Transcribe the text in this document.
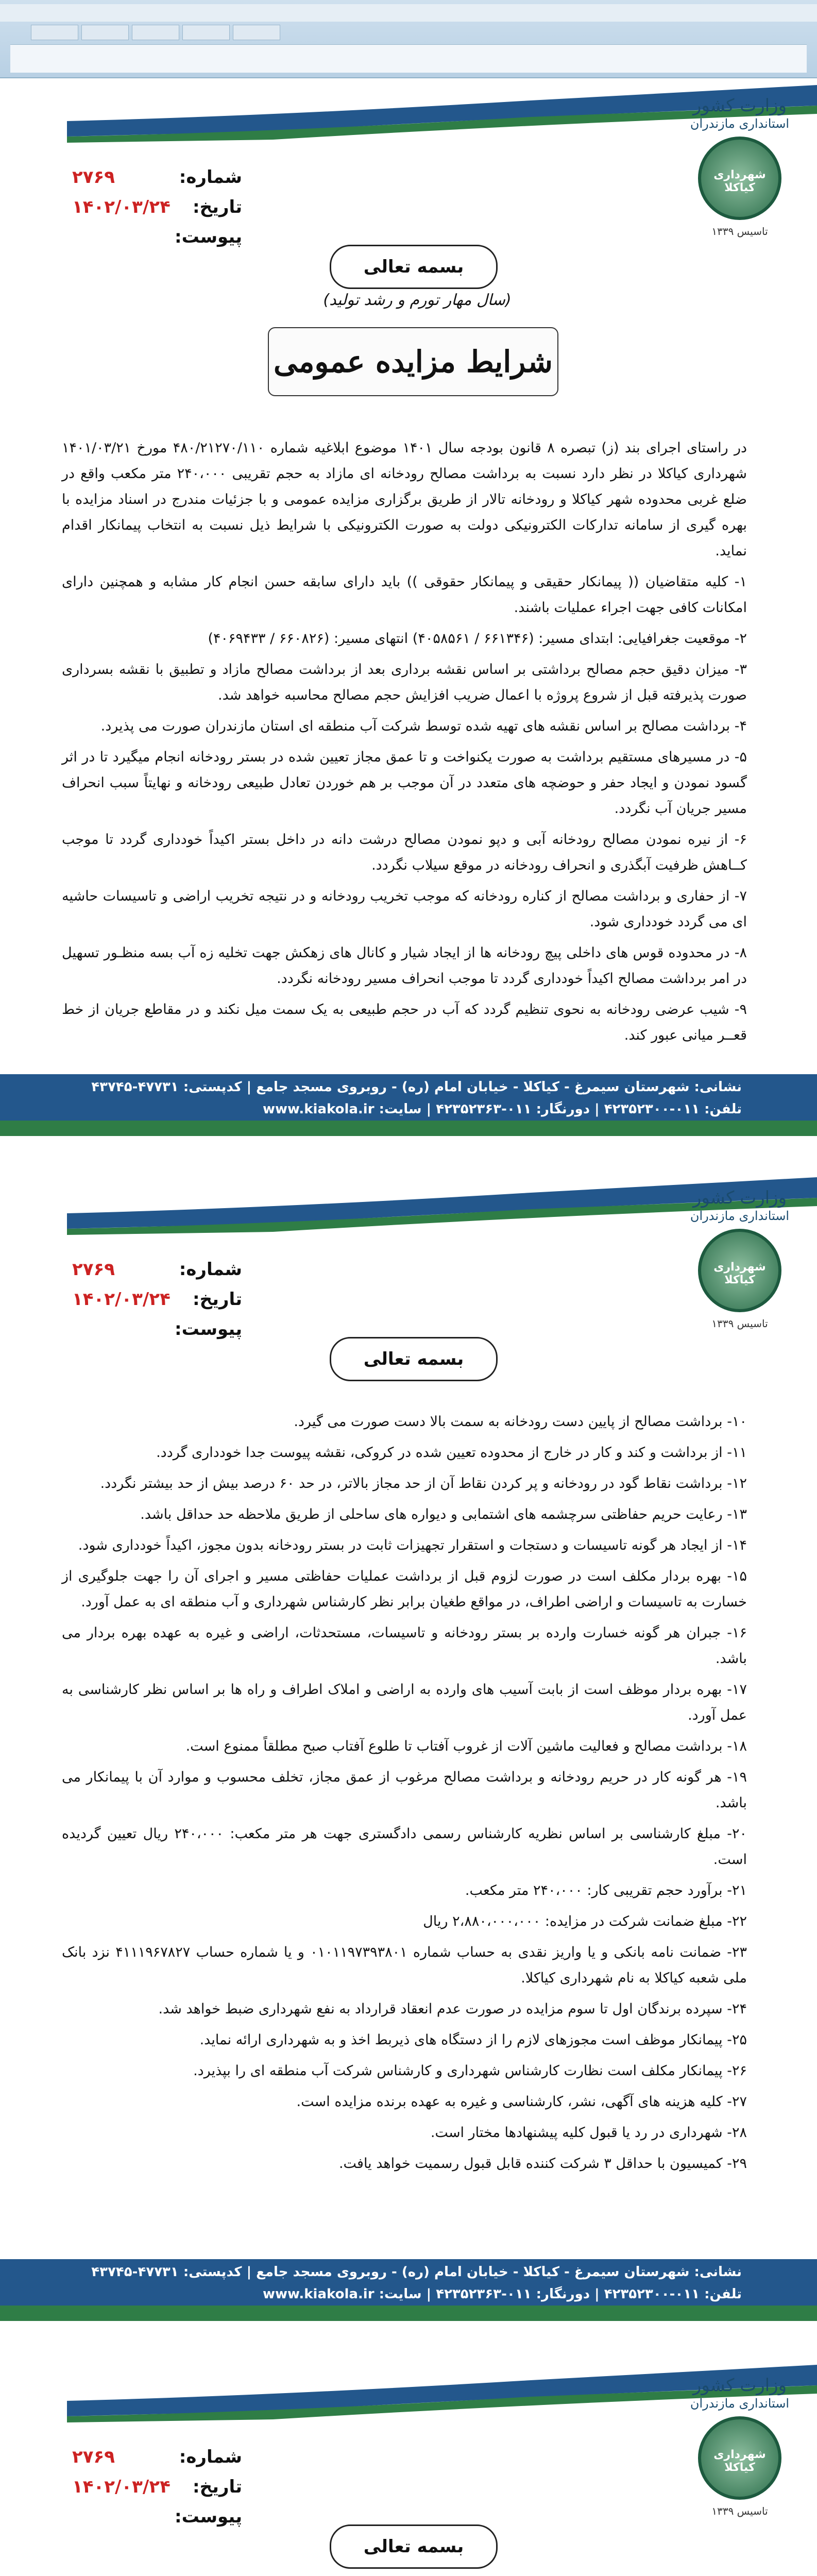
وزارت کشور
استانداری مازندران
شهرداری کیاکلا
تاسیس ۱۳۳۹
شماره:
۲۷۶۹
تاریخ:
۱۴۰۲/۰۳/۲۴
پیوست:
بسمه تعالی
(سال مهار تورم و رشد تولید)
شرایط مزایده عمومی

در راستای اجرای بند (ز) تبصره ۸ قانون بودجه سال ۱۴۰۱ موضوع ابلاغیه شماره ۴۸۰/۲۱۲۷۰/۱۱۰ مورخ ۱۴۰۱/۰۳/۲۱ شهرداری کیاکلا در نظر دارد نسبت به برداشت مصالح رودخانه ای مازاد به حجم تقریبی ۲۴۰،۰۰۰ متر مکعب واقع در ضلع غربی محدوده شهر کیاکلا و رودخانه تالار از طریق برگزاری مزایده عمومی و با جزئیات مندرج در اسناد مزایده با بهره گیری از سامانه تدارکات الکترونیکی دولت به صورت الکترونیکی با شرایط ذیل نسبت به انتخاب پیمانکار اقدام نماید.

۱- کلیه متقاضیان (( پیمانکار حقیقی و پیمانکار حقوقی )) باید دارای سابقه حسن انجام کار مشابه و همچنین دارای امکانات کافی جهت اجراء عملیات باشند.

۲- موقعیت جغرافیایی: ابتدای مسیر: (۶۶۱۳۴۶ / ۴۰۵۸۵۶۱) انتهای مسیر: (۶۶۰۸۲۶ / ۴۰۶۹۴۳۳)

۳- میزان دقیق حجم مصالح برداشتی بر اساس نقشه برداری بعد از برداشت مصالح مازاد و تطبیق با نقشه بسرداری صورت پذیرفته قبل از شروع پروژه با اعمال ضریب افزایش حجم مصالح محاسبه خواهد شد.

۴- برداشت مصالح بر اساس نقشه های تهیه شده توسط شرکت آب منطقه ای استان مازندران صورت می پذیرد.

۵- در مسیرهای مستقیم برداشت به صورت یکنواخت و تا عمق مجاز تعیین شده در بستر رودخانه انجام میگیرد تا در اثر گسود نمودن و ایجاد حفر و حوضچه های متعدد در آن موجب بر هم خوردن تعادل طبیعی رودخانه و نهایتاً سبب انحراف مسیر جریان آب نگردد.

۶- از نیره نمودن مصالح رودخانه آبی و دپو نمودن مصالح درشت دانه در داخل بستر اکیداً خودداری گردد تا موجب کــاهش ظرفیت آبگذری و انحراف رودخانه در موقع سیلاب نگردد.

۷- از حفاری و برداشت مصالح از کناره رودخانه که موجب تخریب رودخانه و در نتیجه تخریب اراضی و تاسیسات حاشیه ای می گردد خودداری شود.

۸- در محدوده قوس های داخلی پیچ رودخانه ها از ایجاد شیار و کانال های زهکش جهت تخلیه زه آب بسه منظـور تسهیل در امر برداشت مصالح اکیداً خودداری گردد تا موجب انحراف مسیر رودخانه نگردد.

۹- شیب عرضی رودخانه به نحوی تنظیم گردد که آب در حجم طبیعی به یک سمت میل نکند و در مقاطع جریان از خط قعــر میانی عبور کند.

نشانی: شهرستان سیمرغ - کیاکلا - خیابان امام (ره) - روبروی مسجد جامع | کدپستی: ۴۷۷۳۱-۴۳۷۴۵
تلفن: ۰۱۱-۴۲۳۵۲۳۰۰ | دورنگار: ۰۱۱-۴۲۳۵۲۳۶۳ | سایت: www.kiakola.ir
وزارت کشور
استانداری مازندران
شهرداری کیاکلا
تاسیس ۱۳۳۹
شماره:
۲۷۶۹
تاریخ:
۱۴۰۲/۰۳/۲۴
پیوست:
بسمه تعالی

۱۰- برداشت مصالح از پایین دست رودخانه به سمت بالا دست صورت می گیرد.

۱۱- از برداشت و کند و کار در خارج از محدوده تعیین شده در کروکی، نقشه پیوست جدا خودداری گردد.

۱۲- برداشت نقاط گود در رودخانه و پر کردن نقاط آن از حد مجاز بالاتر، در حد ۶۰ درصد بیش از حد بیشتر نگردد.

۱۳- رعایت حریم حفاظتی سرچشمه های اشتمابی و دیواره های ساحلی از طریق ملاحظه حد حداقل باشد.

۱۴- از ایجاد هر گونه تاسیسات و دستجات و استقرار تجهیزات ثابت در بستر رودخانه بدون مجوز، اکیداً خودداری شود.

۱۵- بهره بردار مکلف است در صورت لزوم قبل از برداشت عملیات حفاظتی مسیر و اجرای آن را جهت جلوگیری از خسارت به تاسیسات و اراضی اطراف، در مواقع طغیان برابر نظر کارشناس شهرداری و آب منطقه ای به عمل آورد.

۱۶- جبران هر گونه خسارت وارده بر بستر رودخانه و تاسیسات، مستحدثات، اراضی و غیره به عهده بهره بردار می باشد.

۱۷- بهره بردار موظف است از بابت آسیب های وارده به اراضی و املاک اطراف و راه ها بر اساس نظر کارشناسی به عمل آورد.

۱۸- برداشت مصالح و فعالیت ماشین آلات از غروب آفتاب تا طلوع آفتاب صبح مطلقاً ممنوع است.

۱۹- هر گونه کار در حریم رودخانه و برداشت مصالح مرغوب از عمق مجاز، تخلف محسوب و موارد آن با پیمانکار می باشد.

۲۰- مبلغ کارشناسی بر اساس نظریه کارشناس رسمی دادگستری جهت هر متر مکعب: ۲۴۰،۰۰۰ ریال تعیین گردیده است.

۲۱- برآورد حجم تقریبی کار: ۲۴۰،۰۰۰ متر مکعب.

۲۲- مبلغ ضمانت شرکت در مزایده: ۲،۸۸۰،۰۰۰،۰۰۰ ریال

۲۳- ضمانت نامه بانکی و یا واریز نقدی به حساب شماره ۰۱۰۱۱۹۷۳۹۳۸۰۱ و یا شماره حساب ۴۱۱۱۹۶۷۸۲۷ نزد بانک ملی شعبه کیاکلا به نام شهرداری کیاکلا.

۲۴- سپرده برندگان اول تا سوم مزایده در صورت عدم انعقاد قرارداد به نفع شهرداری ضبط خواهد شد.

۲۵- پیمانکار موظف است مجوزهای لازم را از دستگاه های ذیربط اخذ و به شهرداری ارائه نماید.

۲۶- پیمانکار مکلف است نظارت کارشناس شهرداری و کارشناس شرکت آب منطقه ای را بپذیرد.

۲۷- کلیه هزینه های آگهی، نشر، کارشناسی و غیره به عهده برنده مزایده است.

۲۸- شهرداری در رد یا قبول کلیه پیشنهادها مختار است.

۲۹- کمیسیون با حداقل ۳ شرکت کننده قابل قبول رسمیت خواهد یافت.

نشانی: شهرستان سیمرغ - کیاکلا - خیابان امام (ره) - روبروی مسجد جامع | کدپستی: ۴۷۷۳۱-۴۳۷۴۵
تلفن: ۰۱۱-۴۲۳۵۲۳۰۰ | دورنگار: ۰۱۱-۴۲۳۵۲۳۶۳ | سایت: www.kiakola.ir
وزارت کشور
استانداری مازندران
شهرداری کیاکلا
تاسیس ۱۳۳۹
شماره:
۲۷۶۹
تاریخ:
۱۴۰۲/۰۳/۲۴
پیوست:
بسمه تعالی
